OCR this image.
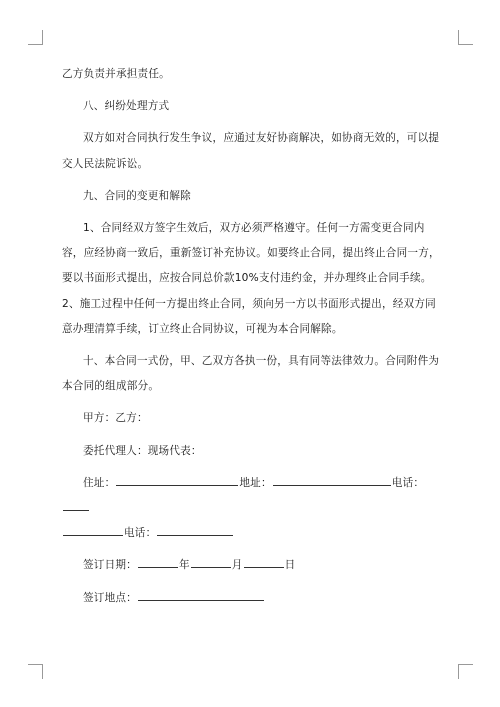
乙方负责并承担责任。

八、纠纷处理方式

双方如对合同执行发生争议，应通过友好协商解决，如协商无效的，可以提交人民法院诉讼。

九、合同的变更和解除

1、合同经双方签字生效后，双方必须严格遵守。任何一方需变更合同内容，应经协商一致后，重新签订补充协议。如要终止合同，提出终止合同一方，要以书面形式提出，应按合同总价款10%支付违约金，并办理终止合同手续。2、施工过程中任何一方提出终止合同，须向另一方以书面形式提出，经双方同意办理清算手续，订立终止合同协议，可视为本合同解除。

十、本合同一式份，甲、乙双方各执一份，具有同等法律效力。合同附件为本合同的组成部分。

甲方：乙方：

委托代理人：现场代表：

住址：	地址：	电话：
电话：

签订日期：	年	月	日

签订地点：
